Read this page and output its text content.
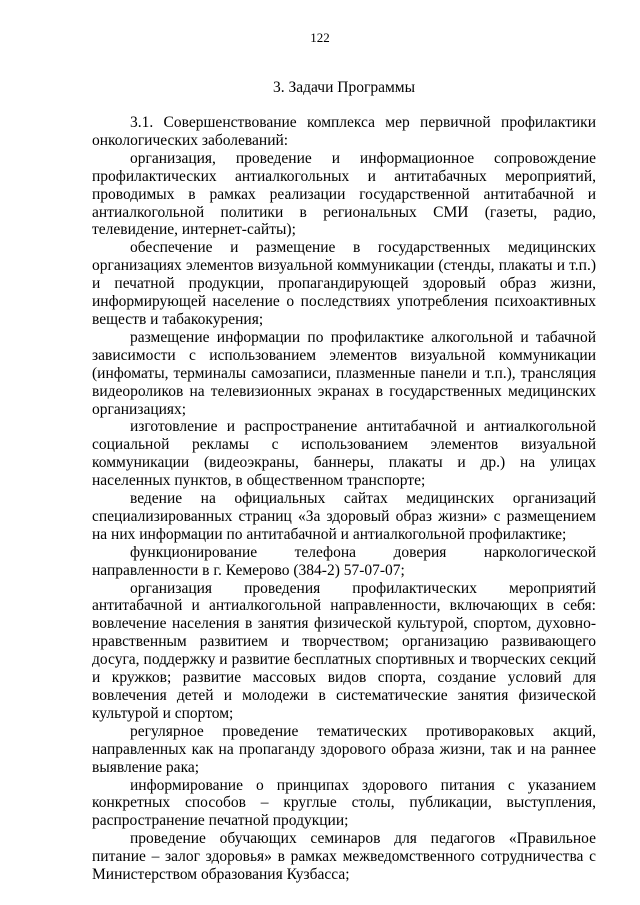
122
3. Задачи Программы

3.1. Совершенствование комплекса мер первичной профилактики онкологических заболеваний:

организация, проведение и информационное сопровождение профилактических антиалкогольных и антитабачных мероприятий, проводимых в рамках реализации государственной антитабачной и антиалкогольной политики в региональных СМИ (газеты, радио, телевидение, интернет-сайты);

обеспечение и размещение в государственных медицинских организациях элементов визуальной коммуникации (стенды, плакаты и т.п.) и печатной продукции, пропагандирующей здоровый образ жизни, информирующей население о последствиях употребления психоактивных веществ и табакокурения;

размещение информации по профилактике алкогольной и табачной зависимости с использованием элементов визуальной коммуникации (инфоматы, терминалы самозаписи, плазменные панели и т.п.), трансляция видеороликов на телевизионных экранах в государственных медицинских организациях;

изготовление и распространение антитабачной и антиалкогольной социальной рекламы с использованием элементов визуальной коммуникации (видеоэкраны, баннеры, плакаты и др.) на улицах населенных пунктов, в общественном транспорте;

ведение на официальных сайтах медицинских организаций специализированных страниц «За здоровый образ жизни» с размещением на них информации по антитабачной и антиалкогольной профилактике;

функционирование телефона доверия наркологической направленности в г. Кемерово (384-2) 57-07-07;

организация проведения профилактических мероприятий антитабачной и антиалкогольной направленности, включающих в себя: вовлечение населения в занятия физической культурой, спортом, духовно-нравственным развитием и творчеством; организацию развивающего досуга, поддержку и развитие бесплатных спортивных и творческих секций и кружков; развитие массовых видов спорта, создание условий для вовлечения детей и молодежи в систематические занятия физической культурой и спортом;

регулярное проведение тематических противораковых акций, направленных как на пропаганду здорового образа жизни, так и на раннее выявление рака;

информирование о принципах здорового питания с указанием конкретных способов – круглые столы, публикации, выступления, распространение печатной продукции;

проведение обучающих семинаров для педагогов «Правильное питание – залог здоровья» в рамках межведомственного сотрудничества с Министерством образования Кузбасса;
